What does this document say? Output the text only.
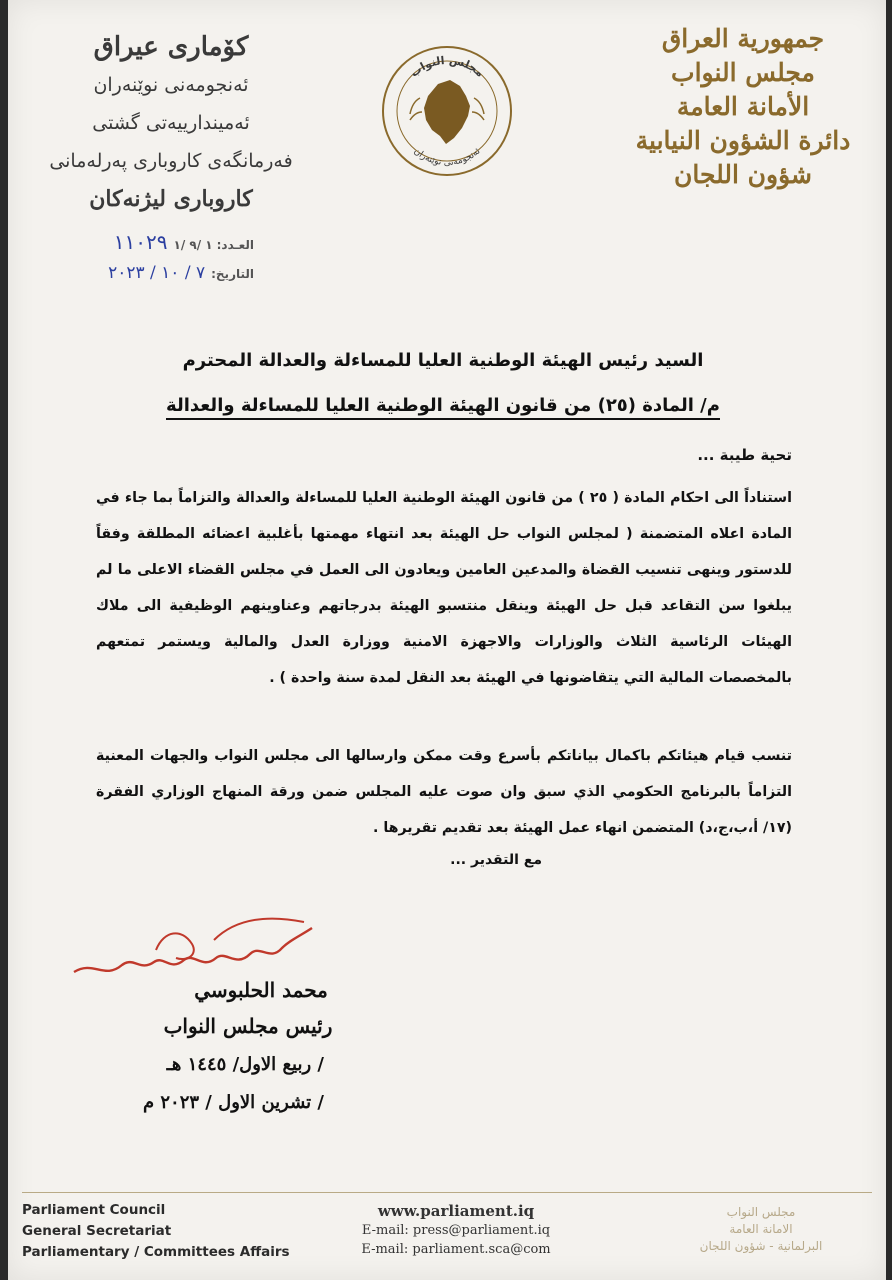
جمهورية العراق
مجلس النواب
الأمانة العامة
دائرة الشؤون النيابية
شؤون اللجان
مجلس النواب
ئەنجومەنی نوێنەران
كۆماری عیراق
ئه‌نجومه‌نی نوێنه‌ران
ئه‌میندارییه‌تی گشتی
فه‌رمانگه‌ی کاروباری په‌رله‌مانی
کاروباری لیژنه‌کان
العـدد:
١ /٩ /١
١١٠٢٩
التاريخ:
٧ / ١٠ / ٢٠٢٣
السيد رئيس الهيئة الوطنية العليا للمساءلة والعدالة المحترم
م/ المادة (٢٥) من قانون الهيئة الوطنية العليا للمساءلة والعدالة
تحية طيبة ...
استناداً الى احكام المادة ( ٢٥ ) من قانون الهيئة الوطنية العليا للمساءلة والعدالة والتزاماً بما جاء في المادة اعلاه المتضمنة ( لمجلس النواب حل الهيئة بعد انتهاء مهمتها بأغلبية اعضائه المطلقة وفقاً للدستور وينهى تنسيب القضاة والمدعين العامين ويعادون الى العمل في مجلس القضاء الاعلى ما لم يبلغوا سن التقاعد قبل حل الهيئة وينقل منتسبو الهيئة بدرجاتهم وعناوينهم الوظيفية الى ملاك الهيئات الرئاسية الثلاث والوزارات والاجهزة الامنية ووزارة العدل والمالية ويستمر تمتعهم بالمخصصات المالية التي يتقاضونها في الهيئة بعد النقل لمدة سنة واحدة ) .
تنسب قيام هيئاتكم باكمال بياناتكم بأسرع وقت ممكن وارسالها الى مجلس النواب والجهات المعنية التزاماً بالبرنامج الحكومي الذي سبق وان صوت عليه المجلس ضمن ورقة المنهاج الوزاري الفقرة (١٧/ أ،ب،ج،د) المتضمن انهاء عمل الهيئة بعد تقديم تقريرها .
مع التقدير ...
محمد الحلبوسي
رئيس مجلس النواب
/ ربيع الاول/ ١٤٤٥ هـ
/ تشرين الاول / ٢٠٢٣ م
Parliament Council
General Secretariat
Parliamentary / Committees Affairs
www.parliament.iq
E-mail: press@parliament.iq
E-mail: parliament.sca@com
مجلس النواب
الامانة العامة
البرلمانية - شؤون اللجان
